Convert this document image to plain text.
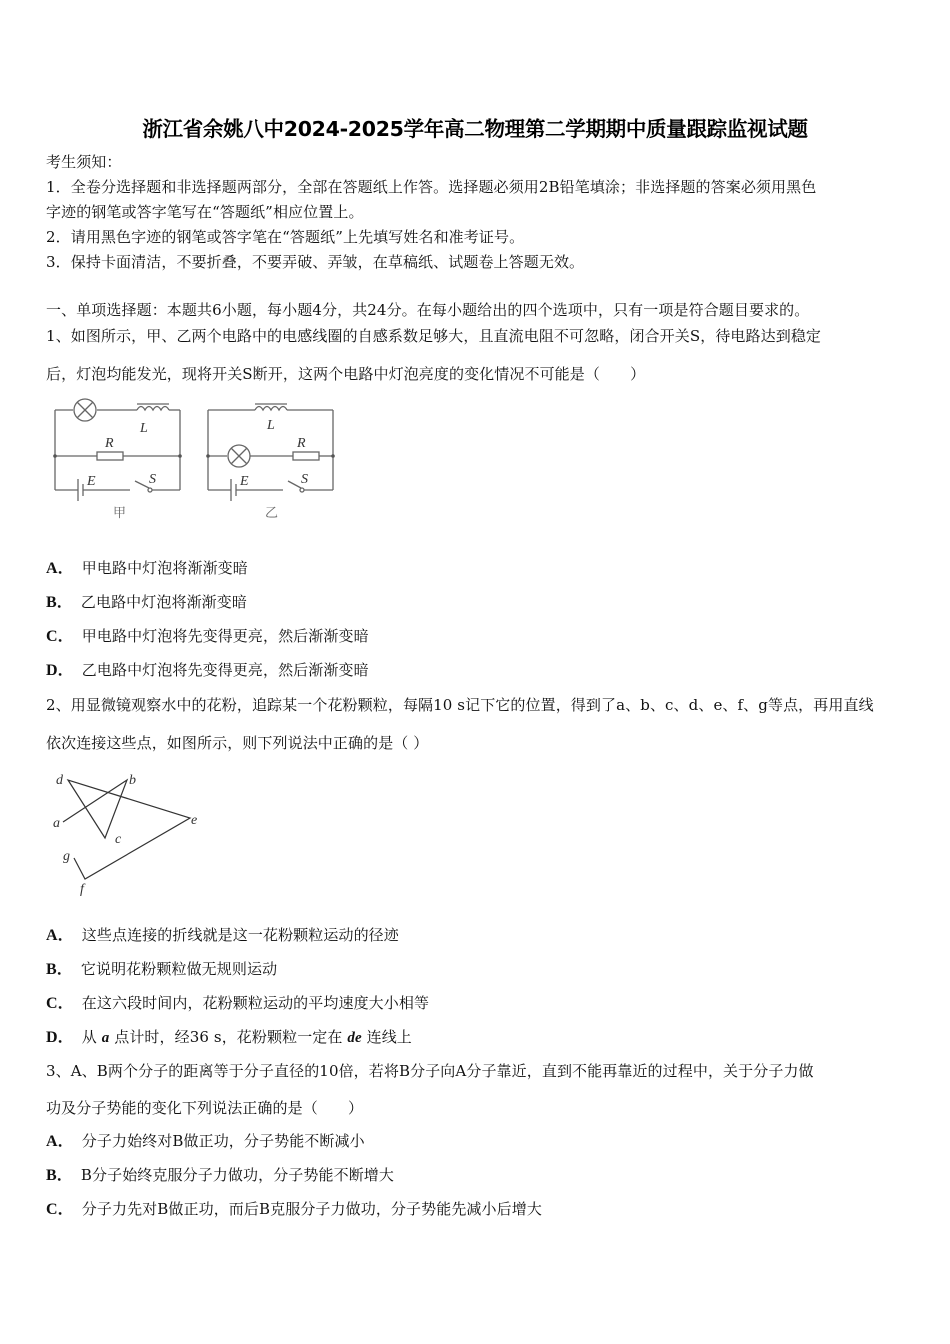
浙江省余姚八中2024-2025学年高二物理第二学期期中质量跟踪监视试题
考生须知：
1．全卷分选择题和非选择题两部分，全部在答题纸上作答。选择题必须用2B铅笔填涂；非选择题的答案必须用黑色
字迹的钢笔或答字笔写在“答题纸”相应位置上。
2．请用黑色字迹的钢笔或答字笔在“答题纸”上先填写姓名和准考证号。
3．保持卡面清洁，不要折叠，不要弄破、弄皱，在草稿纸、试题卷上答题无效。
一、单项选择题：本题共6小题，每小题4分，共24分。在每小题给出的四个选项中，只有一项是符合题目要求的。
1、如图所示，甲、乙两个电路中的电感线圈的自感系数足够大，且直流电阻不可忽略，闭合开关S，待电路达到稳定
后，灯泡均能发光，现将开关S断开，这两个电路中灯泡亮度的变化情况不可能是（　　）
L
R
E	S
甲
L
R
E	S
乙
A． 甲电路中灯泡将渐渐变暗
B． 乙电路中灯泡将渐渐变暗
C． 甲电路中灯泡将先变得更亮，然后渐渐变暗
D． 乙电路中灯泡将先变得更亮，然后渐渐变暗
2、用显微镜观察水中的花粉，追踪某一个花粉颗粒，每隔10 s记下它的位置，得到了a、b、c、d、e、f、g等点，再用直线
依次连接这些点，如图所示，则下列说法中正确的是（ ）
a
b
c
d
e
f
g
A． 这些点连接的折线就是这一花粉颗粒运动的径迹
B． 它说明花粉颗粒做无规则运动
C． 在这六段时间内，花粉颗粒运动的平均速度大小相等
D． 从 a 点计时，经36 s，花粉颗粒一定在 de 连线上
3、A、B两个分子的距离等于分子直径的10倍，若将B分子向A分子靠近，直到不能再靠近的过程中，关于分子力做
功及分子势能的变化下列说法正确的是（　　）
A． 分子力始终对B做正功，分子势能不断减小
B． B分子始终克服分子力做功，分子势能不断增大
C． 分子力先对B做正功，而后B克服分子力做功，分子势能先减小后增大
